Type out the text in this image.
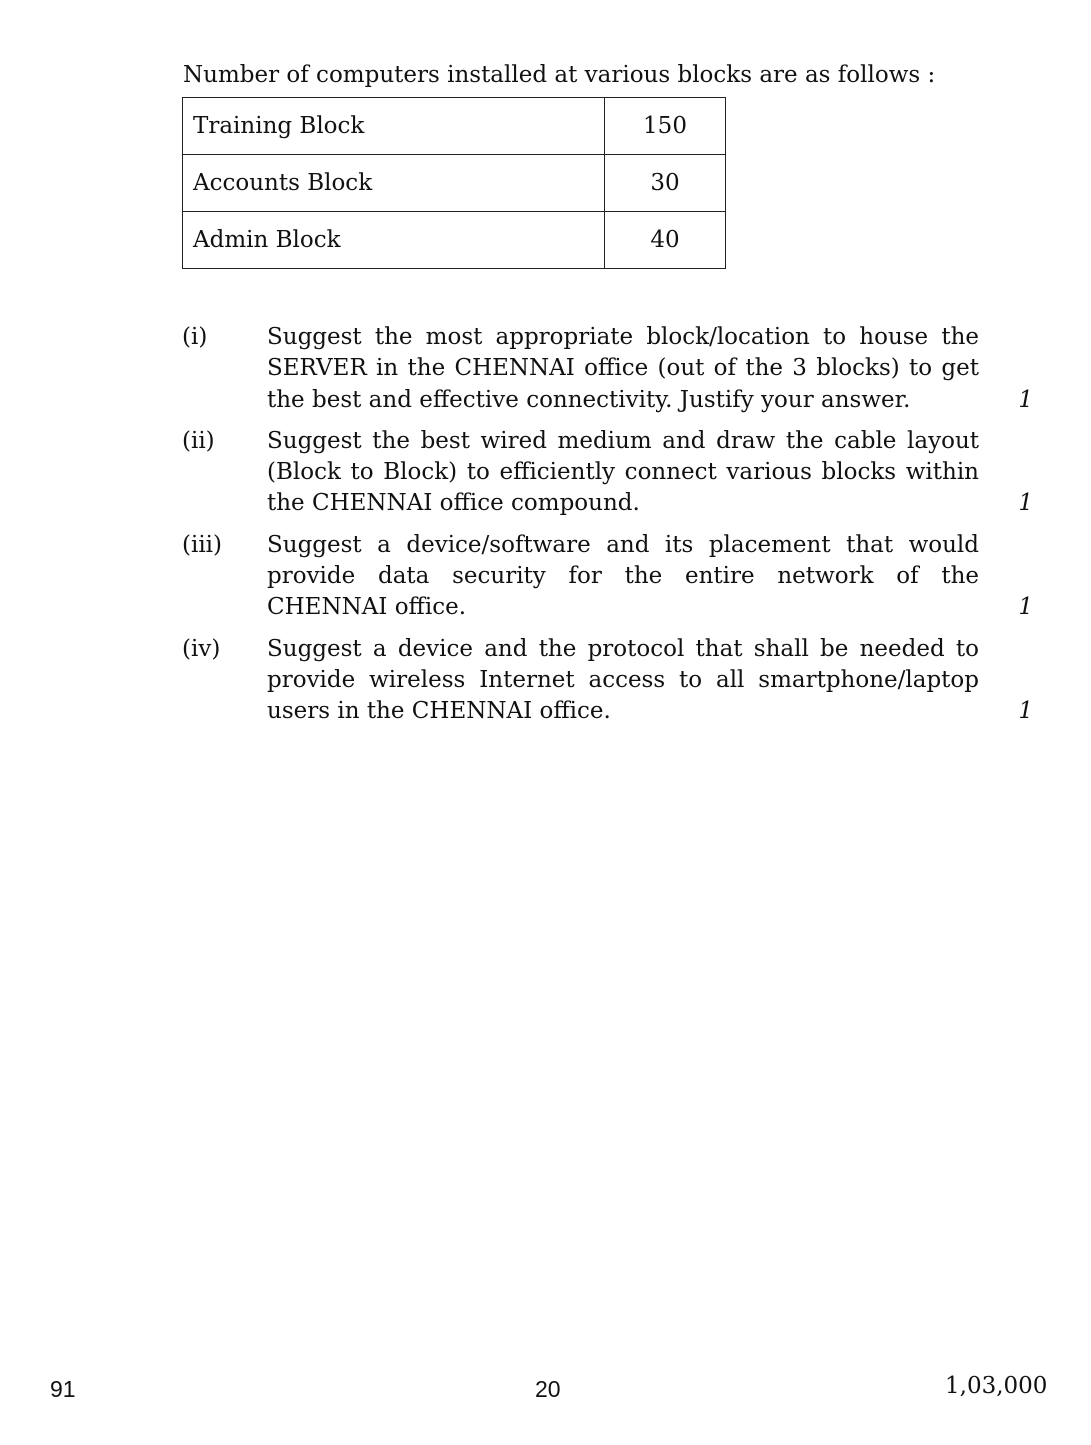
Number of computers installed at various blocks are as follows :
Training Block	150
Accounts Block	30
Admin Block	40
(i)	Suggest the most appropriate block/location to house the SERVER in the CHENNAI office (out of the 3 blocks) to get the best and effective connectivity. Justify your answer.	1
(ii)	Suggest the best wired medium and draw the cable layout (Block to Block) to efficiently connect various blocks within the CHENNAI office compound.	1
(iii)	Suggest a device/software and its placement that would provide data security for the entire network of the CHENNAI office.	1
(iv)	Suggest a device and the protocol that shall be needed to provide wireless Internet access to all smartphone/laptop users in the CHENNAI office.	1
91	20	1,03,000
